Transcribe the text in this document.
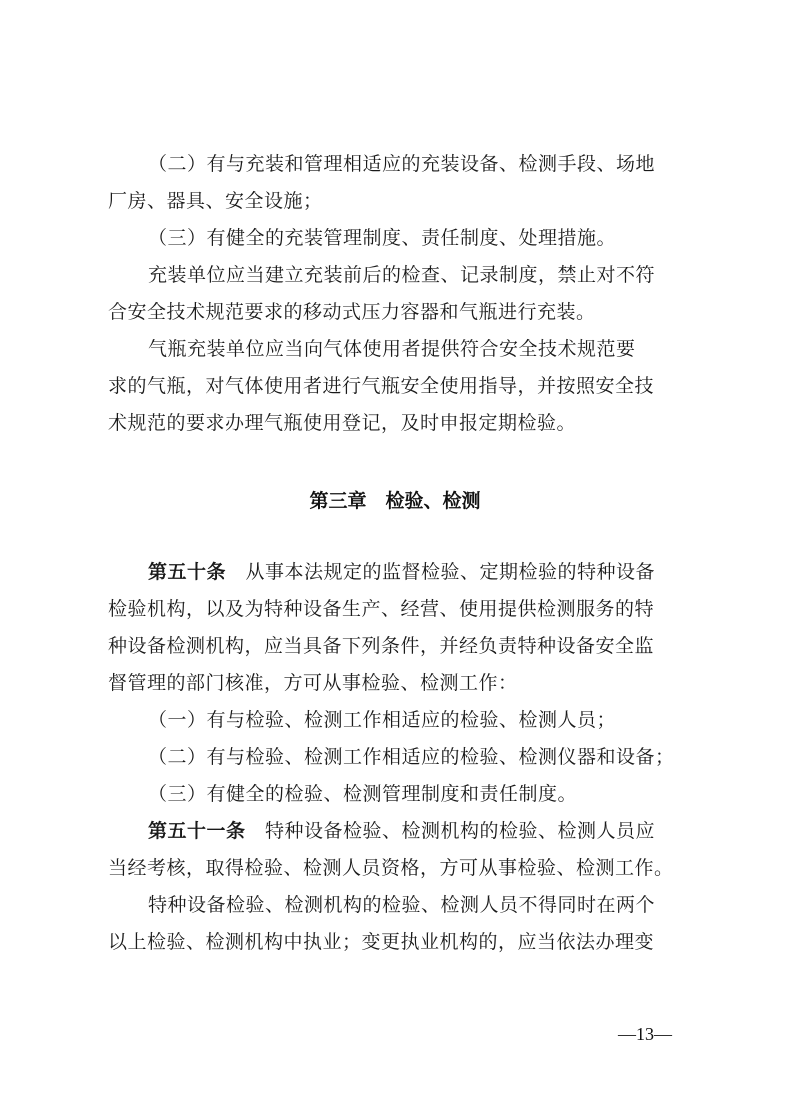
（二）有与充装和管理相适应的充装设备、检测手段、场地
厂房、器具、安全设施；
（三）有健全的充装管理制度、责任制度、处理措施。
充装单位应当建立充装前后的检查、记录制度，禁止对不符
合安全技术规范要求的移动式压力容器和气瓶进行充装。
气瓶充装单位应当向气体使用者提供符合安全技术规范要
求的气瓶，对气体使用者进行气瓶安全使用指导，并按照安全技
术规范的要求办理气瓶使用登记，及时申报定期检验。
第三章　检验、检测
第五十条　从事本法规定的监督检验、定期检验的特种设备
检验机构，以及为特种设备生产、经营、使用提供检测服务的特
种设备检测机构，应当具备下列条件，并经负责特种设备安全监
督管理的部门核准，方可从事检验、检测工作：
（一）有与检验、检测工作相适应的检验、检测人员；
（二）有与检验、检测工作相适应的检验、检测仪器和设备；
（三）有健全的检验、检测管理制度和责任制度。
第五十一条　特种设备检验、检测机构的检验、检测人员应
当经考核，取得检验、检测人员资格，方可从事检验、检测工作。
特种设备检验、检测机构的检验、检测人员不得同时在两个
以上检验、检测机构中执业；变更执业机构的，应当依法办理变
—13—
